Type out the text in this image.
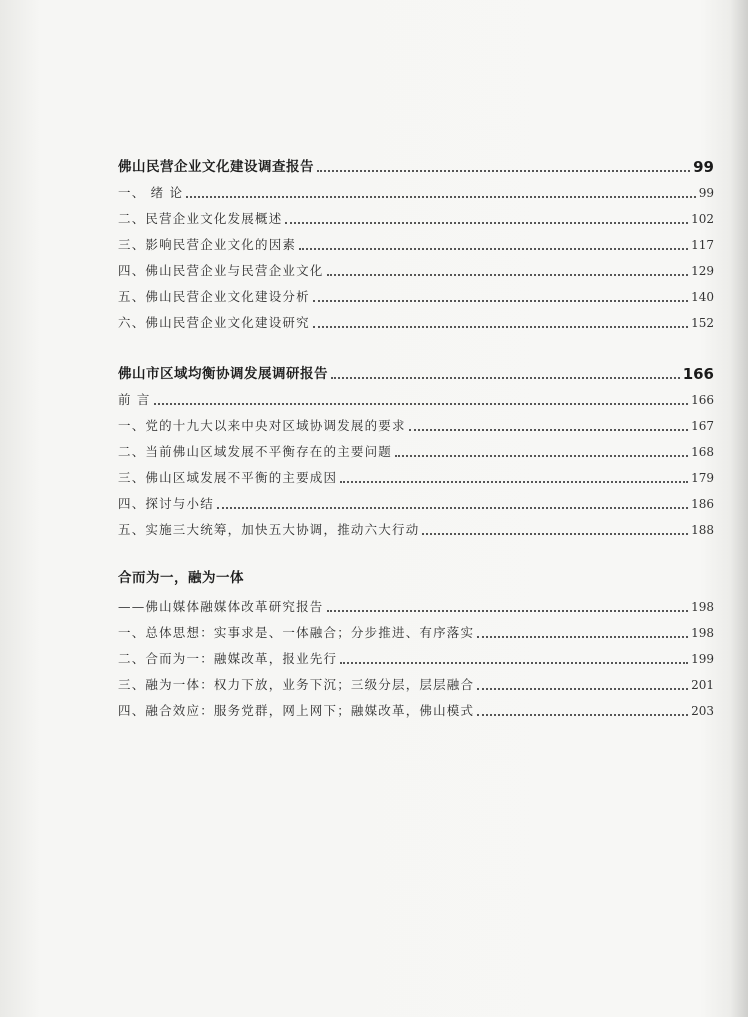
佛山民营企业文化建设调查报告	99
一、 绪 论	99
二、民营企业文化发展概述	102
三、影响民营企业文化的因素	117
四、佛山民营企业与民营企业文化	129
五、佛山民营企业文化建设分析	140
六、佛山民营企业文化建设研究	152
佛山市区域均衡协调发展调研报告	166
前 言	166
一、党的十九大以来中央对区域协调发展的要求	167
二、当前佛山区域发展不平衡存在的主要问题	168
三、佛山区域发展不平衡的主要成因	179
四、探讨与小结	186
五、实施三大统筹，加快五大协调，推动六大行动	188
合而为一，融为一体
——佛山媒体融媒体改革研究报告	198
一、总体思想：实事求是、一体融合；分步推进、有序落实	198
二、合而为一：融媒改革，报业先行	199
三、融为一体：权力下放，业务下沉；三级分层，层层融合	201
四、融合效应：服务党群，网上网下；融媒改革，佛山模式	203
